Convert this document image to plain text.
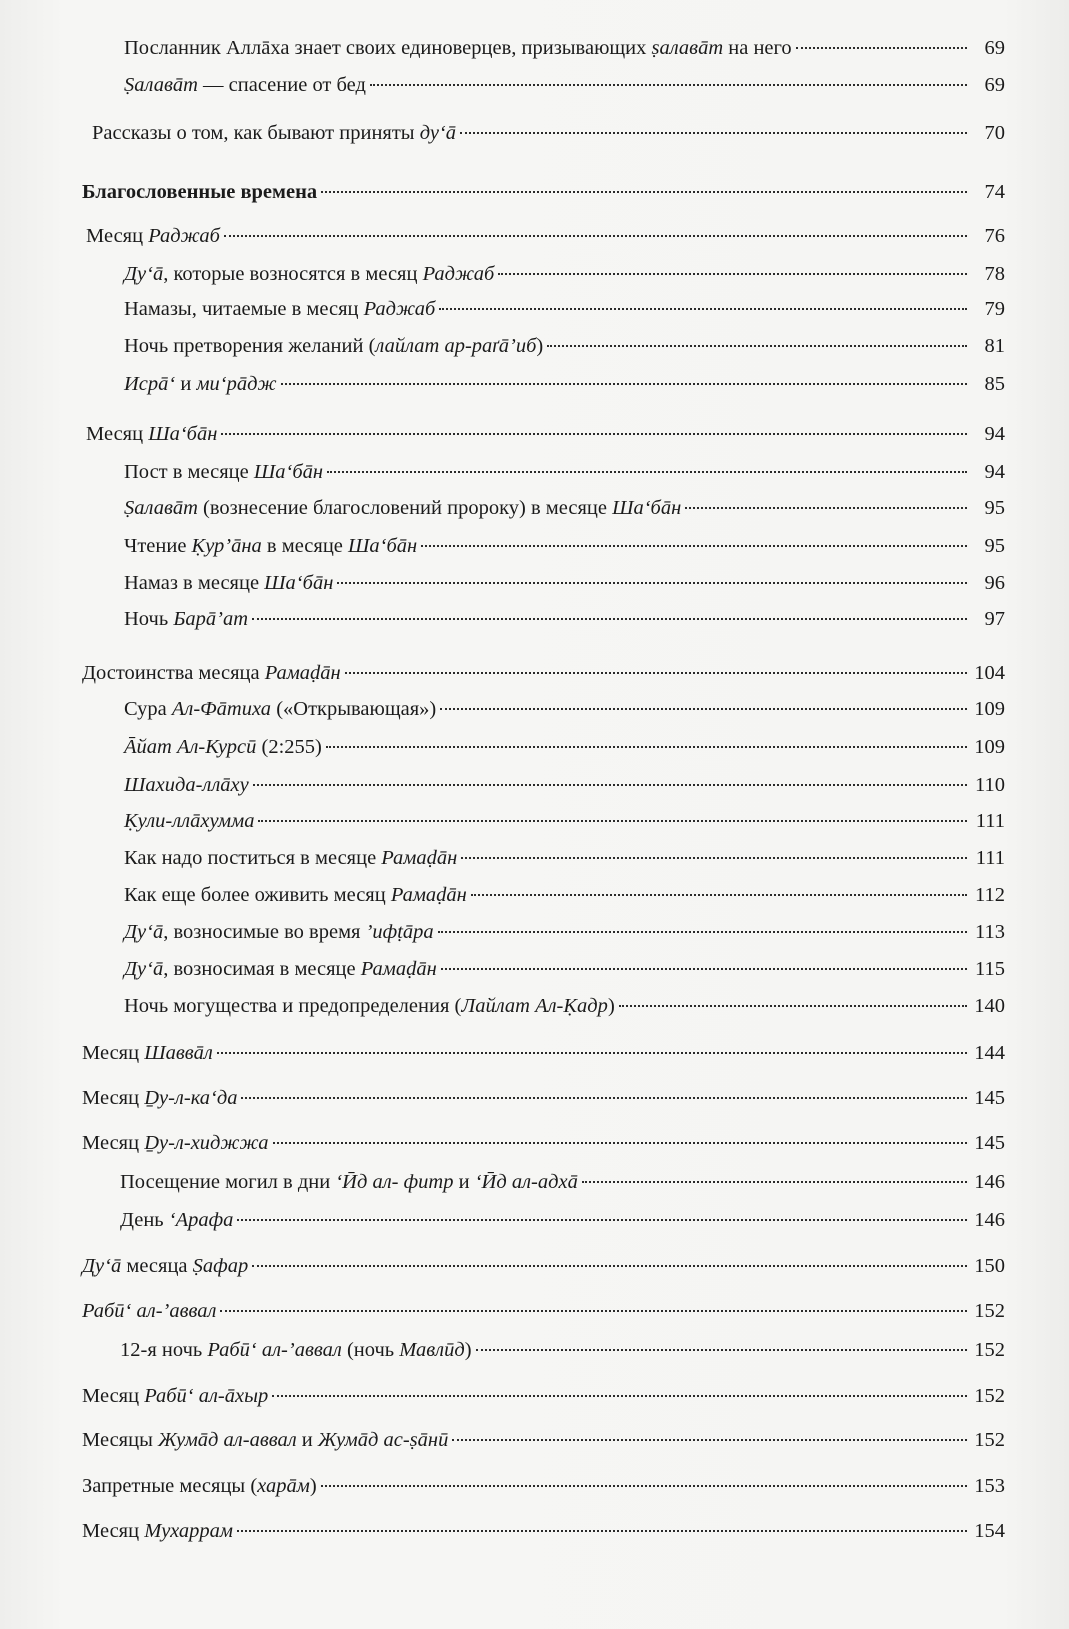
Посланник Аллāха знает своих единоверцев, призывающих ṣалавāт на него	69
Ṣалавāт — спасение от бед	69
Рассказы о том, как бывают приняты ду‘ā	70
Благословенные времена	74
Месяц Раджаб	76
Ду‘ā, которые возносятся в месяц Раджаб	78
Намазы, читаемые в месяц Раджаб	79
Ночь претворения желаний (лайлат ар-раґā’иб)	81
Исрā‘ и ми‘рāдж	85
Месяц Ша‘бāн	94
Пост в месяце Ша‘бāн	94
Ṣалавāт (вознесение благословений пророку) в месяце Ша‘бāн	95
Чтение Ḳур’āна в месяце Ша‘бāн	95
Намаз в месяце Ша‘бāн	96
Ночь Барā’ат	97
Достоинства месяца Рамаḍāн	104
Сура Ал-Фāтиха («Открывающая»)	109
Āйат Ал-Курсӣ (2:255)	109
Шахида-ллāху	110
Ḳули-ллāхумма	111
Как надо поститься в месяце Рамаḍāн	111
Как еще более оживить месяц Рамаḍāн	112
Ду‘ā, возносимые во время ’ифṭāра	113
Ду‘ā, возносимая в месяце Рамаḍāн	115
Ночь могущества и предопределения (Лайлат Ал-Ḳадр)	140
Месяц Шаввāл	144
Месяц Ḏу-л-ка‘да	145
Месяц Ḏу-л-хиджжа	145
Посещение могил в дни ‘Ӣд ал- фитр и ‘Ӣд ал-адхā	146
День ‘Арафа	146
Ду‘ā месяца Ṣафар	150
Рабӣ‘ ал-’аввал	152
12-я ночь Рабӣ‘ ал-’аввал (ночь Мавлӣд)	152
Месяц Рабӣ‘ ал-āхыр	152
Месяцы Жумāд ал-аввал и Жумāд ас-ṣāнӣ	152
Запретные месяцы (харāм)	153
Месяц Мухаррам	154
